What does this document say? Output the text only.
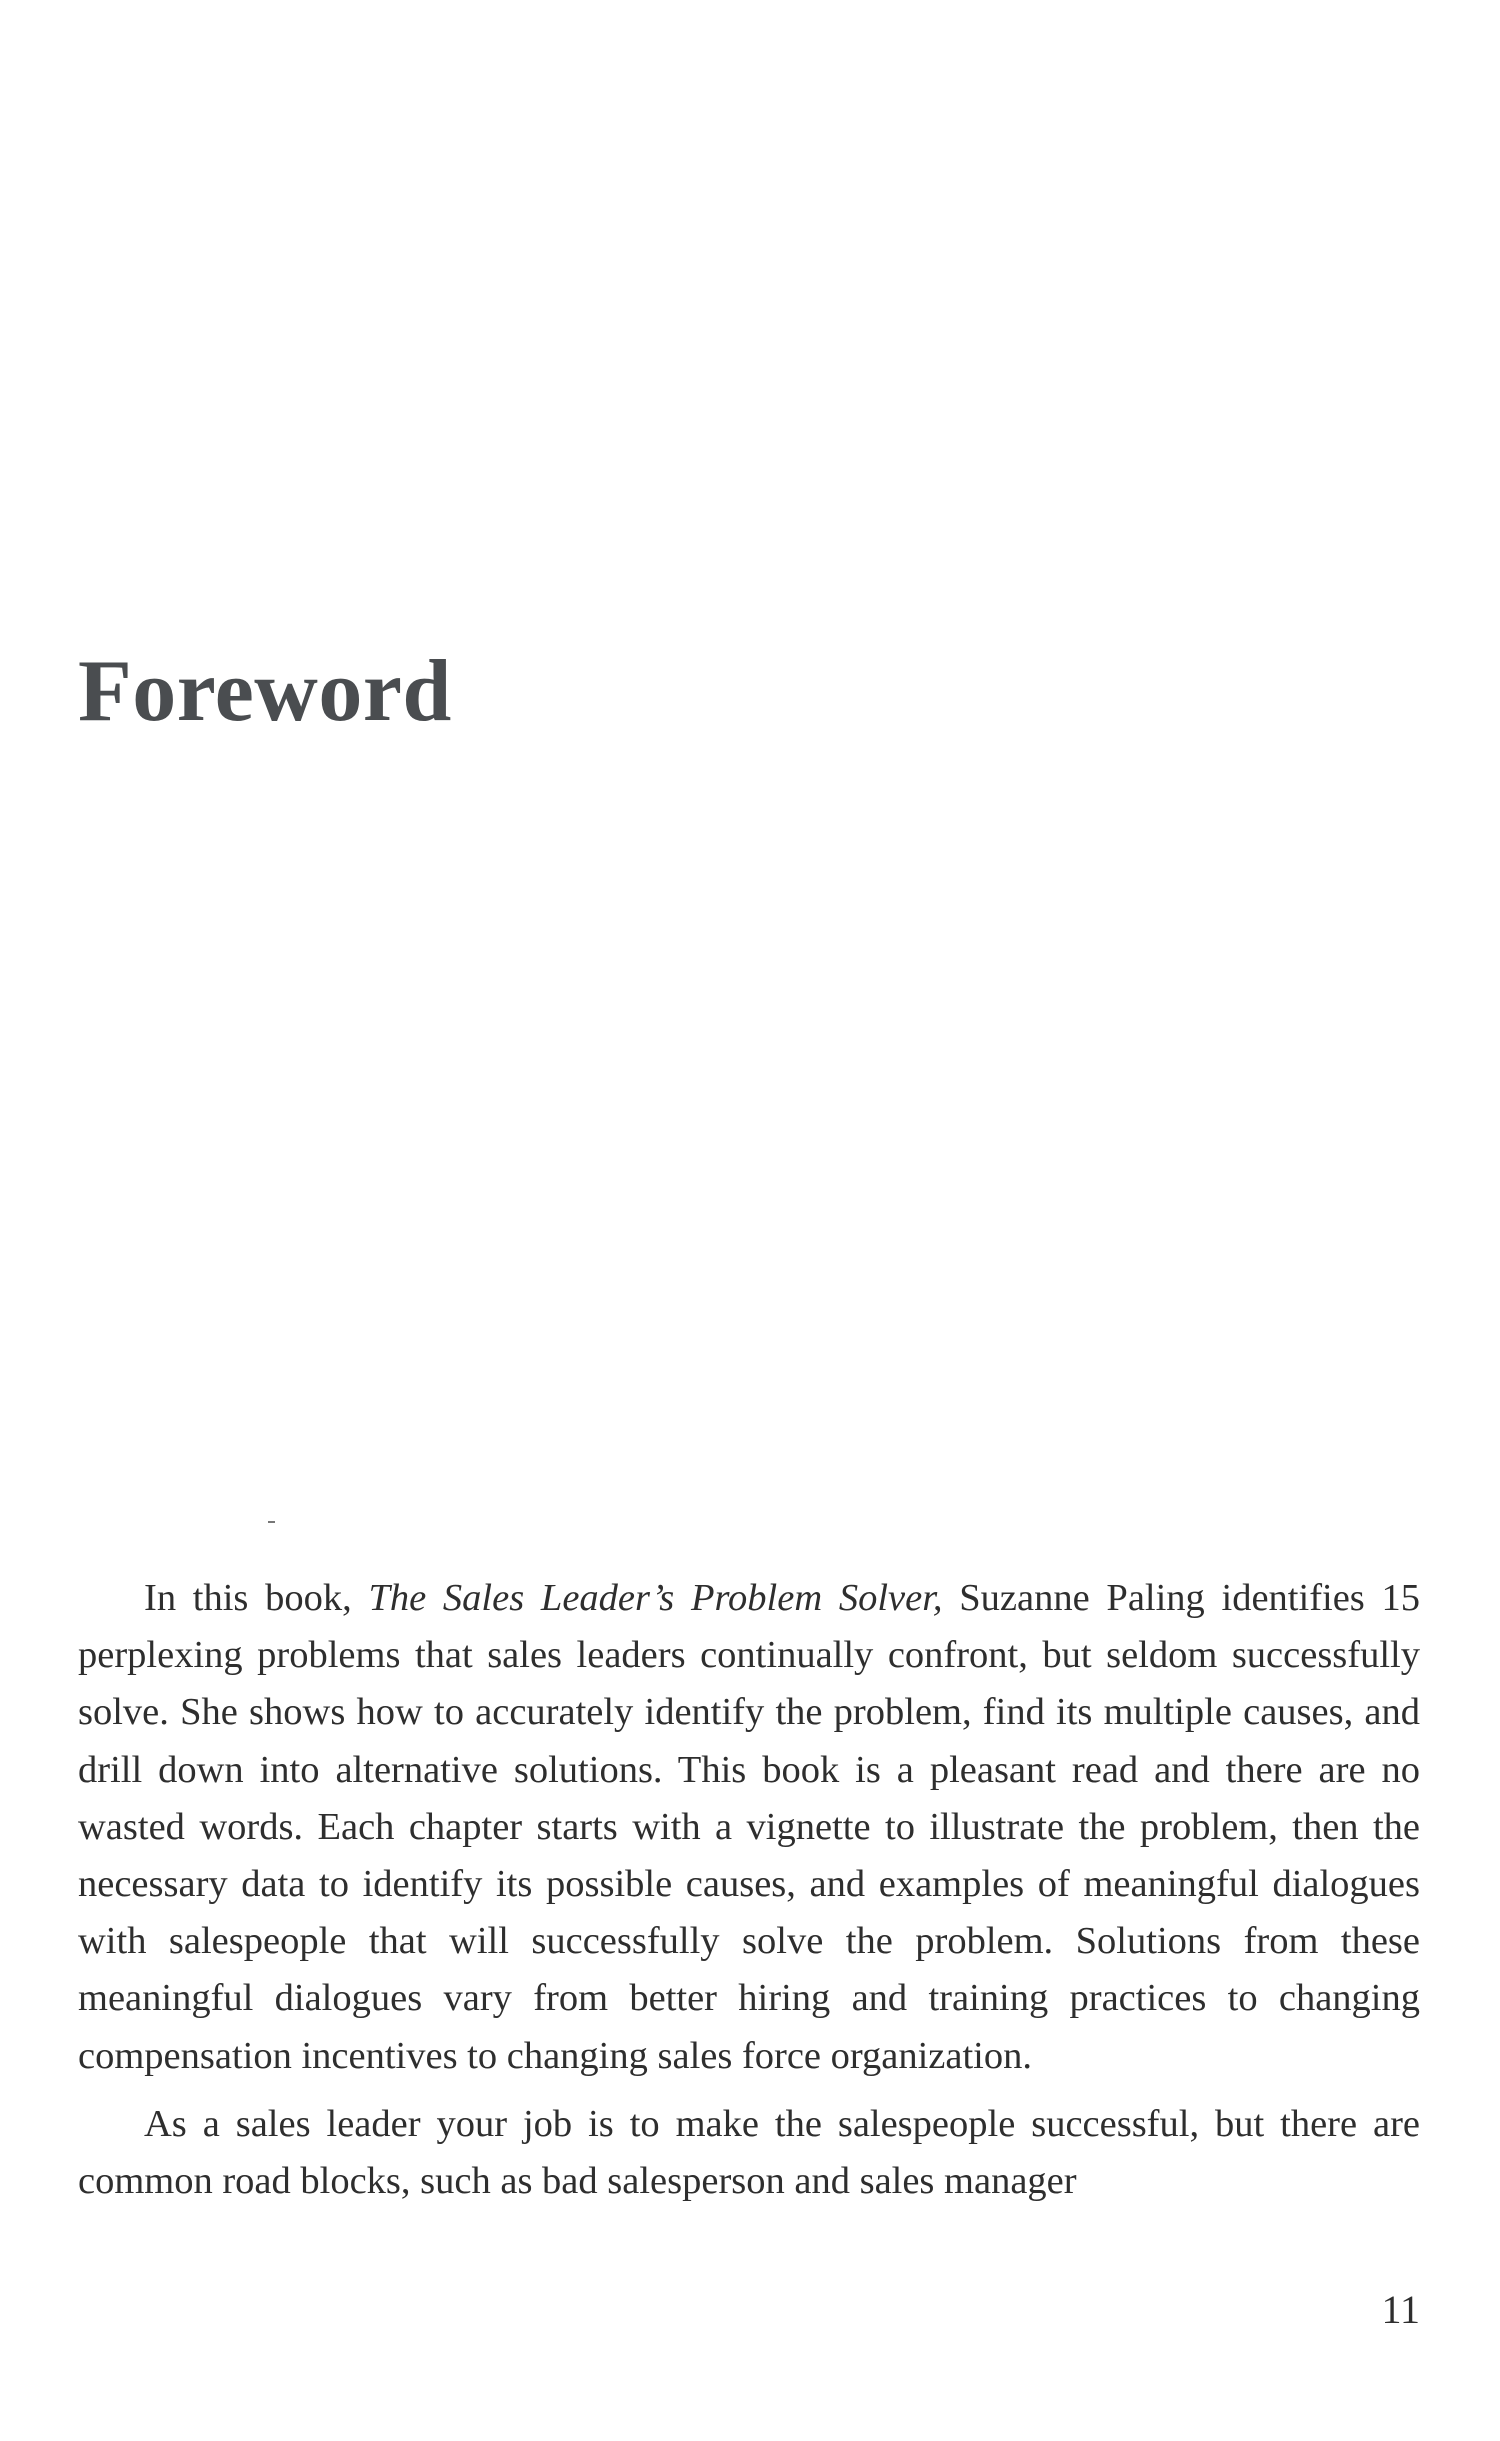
Foreword

In this book, The Sales Leader’s Problem Solver, Suzanne Paling identifies 15 perplexing problems that sales leaders continually confront, but seldom successfully solve. She shows how to accurately identify the problem, find its multiple causes, and drill down into alternative solutions. This book is a pleasant read and there are no wasted words. Each chapter starts with a vignette to illustrate the problem, then the necessary data to identify its possible causes, and examples of meaningful dialogues with salespeople that will successfully solve the problem. Solutions from these meaningful dialogues vary from better hiring and training practices to changing compensation incentives to changing sales force organization.

As a sales leader your job is to make the salespeople successful, but there are common road blocks, such as bad salesperson and sales manager

11
